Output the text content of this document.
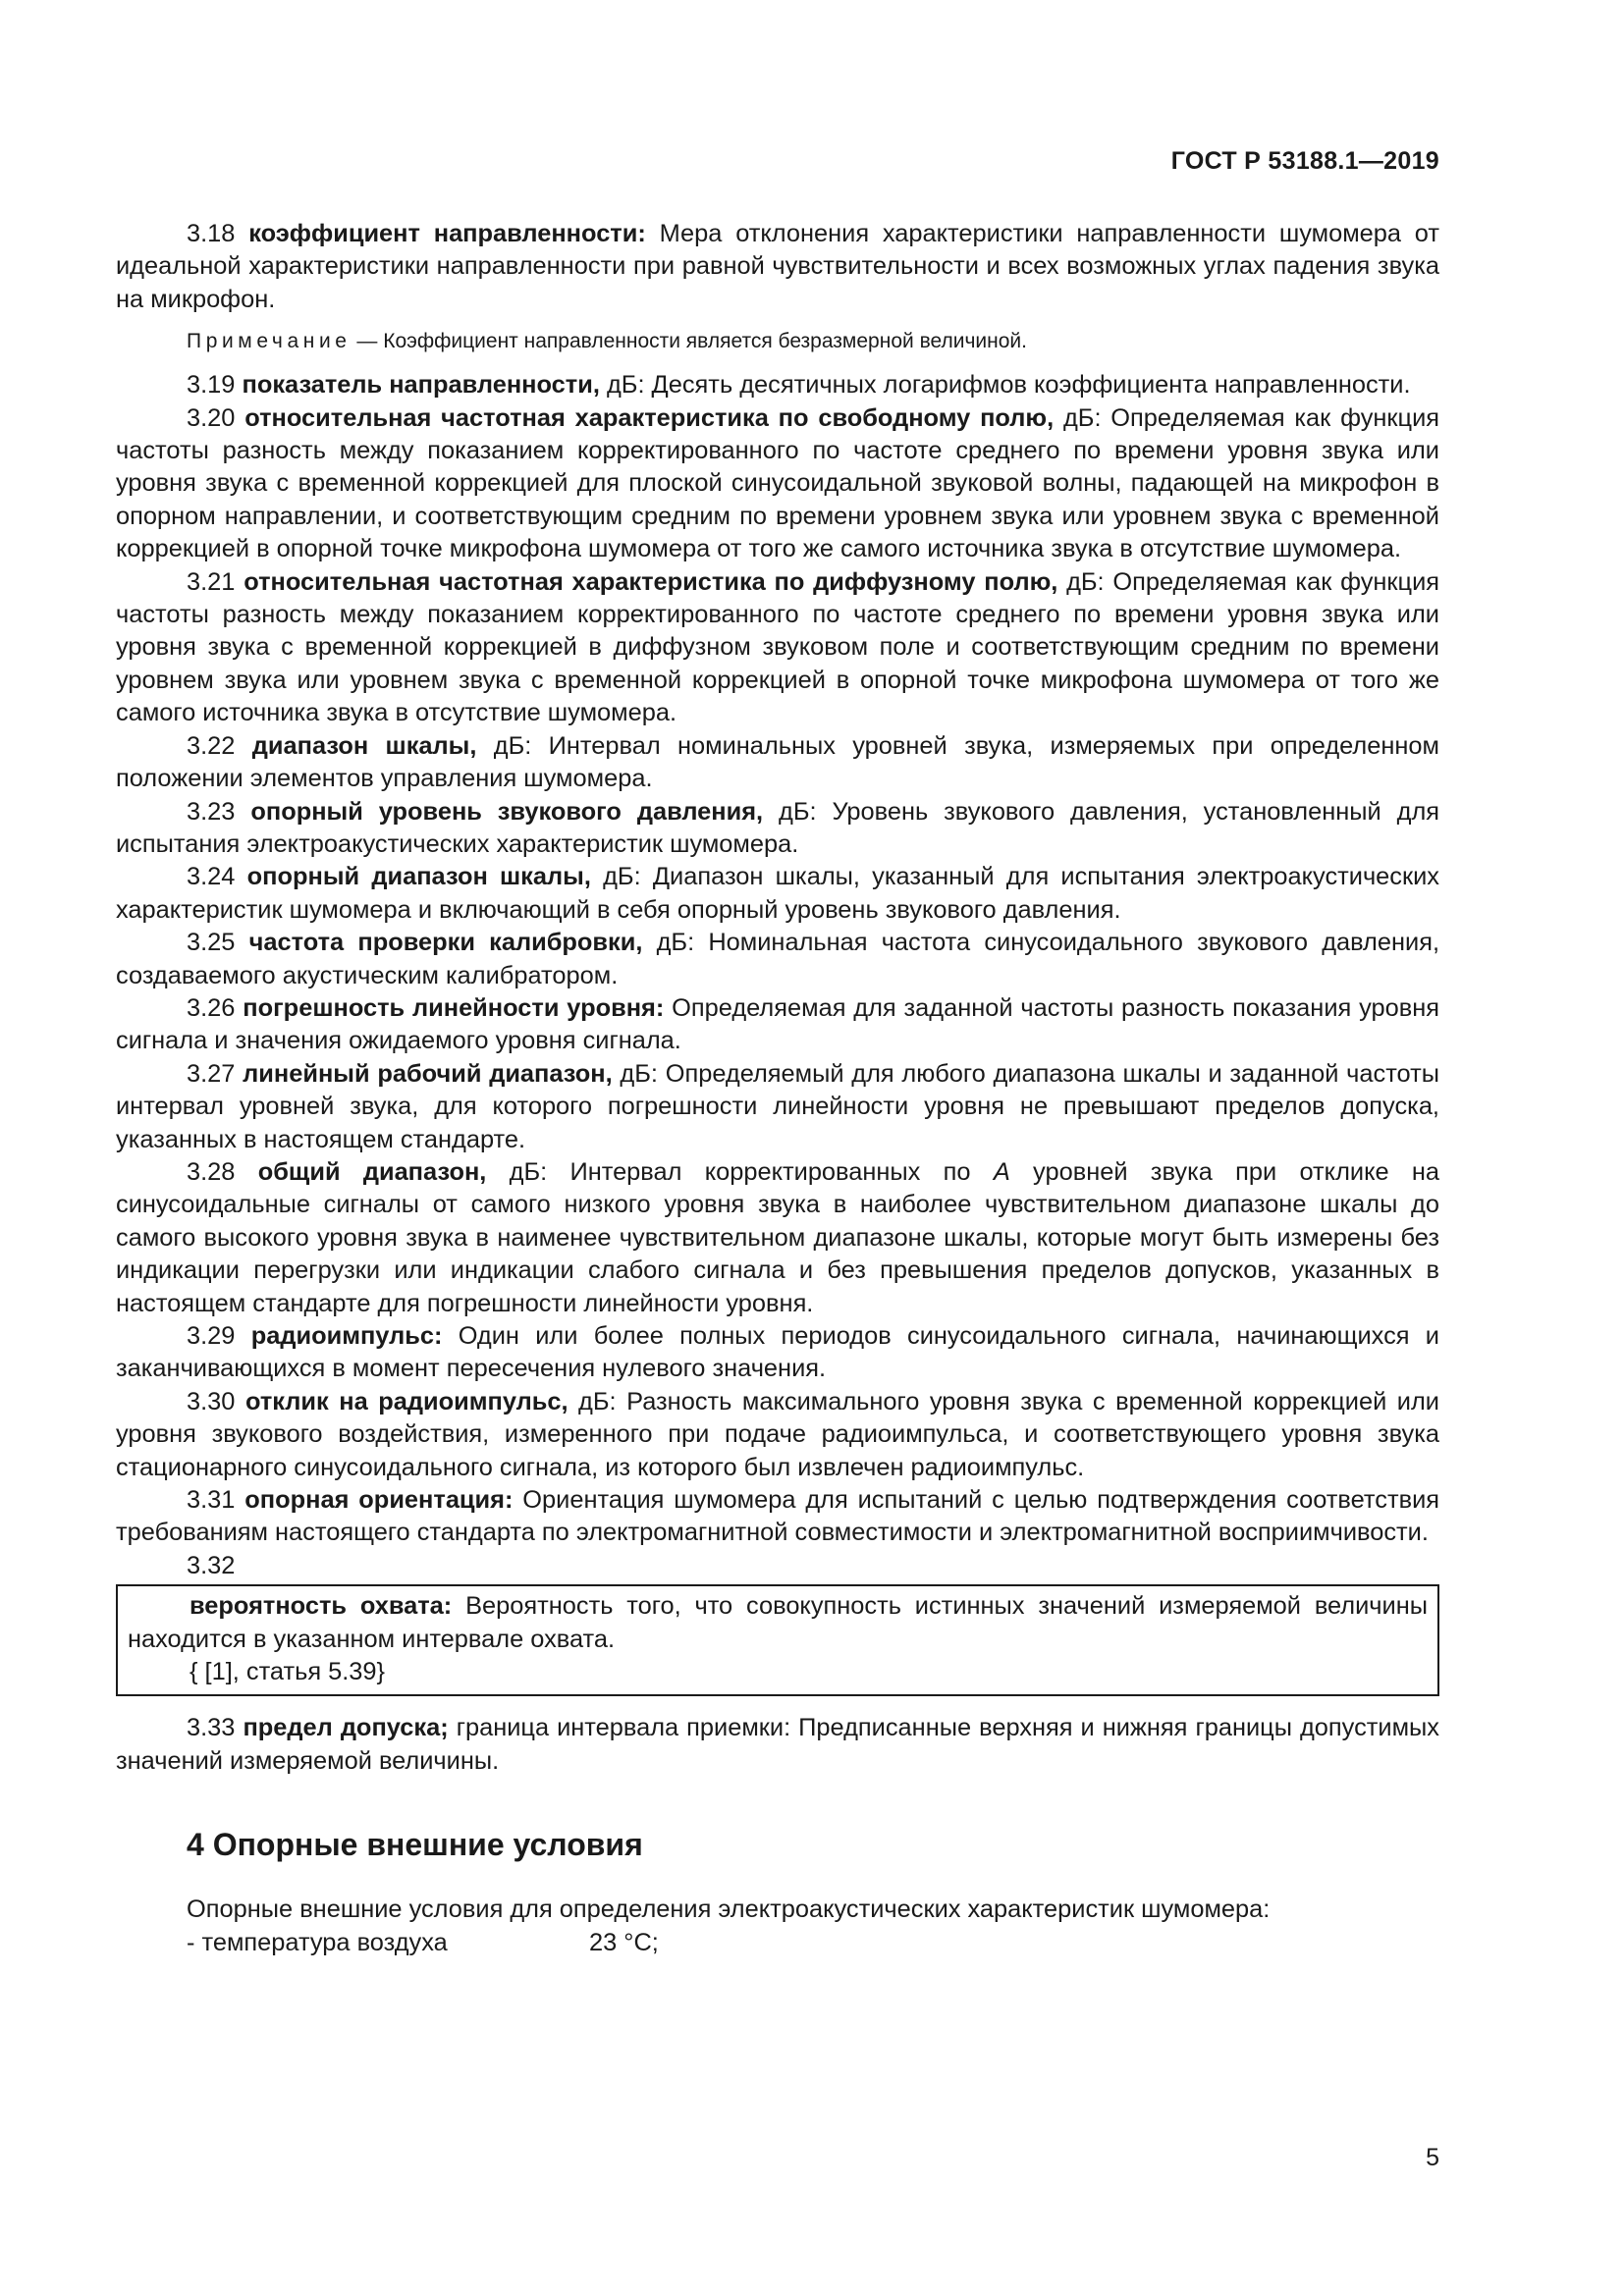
ГОСТ Р 53188.1—2019

3.18 коэффициент направленности: Мера отклонения характеристики направленности шумомера от идеальной характеристики направленности при равной чувствительности и всех возможных углах падения звука на микрофон.

Примечание — Коэффициент направленности является безразмерной величиной.

3.19 показатель направленности, дБ: Десять десятичных логарифмов коэффициента направленности.

3.20 относительная частотная характеристика по свободному полю, дБ: Определяемая как функция частоты разность между показанием корректированного по частоте среднего по времени уровня звука или уровня звука с временной коррекцией для плоской синусоидальной звуковой волны, падающей на микрофон в опорном направлении, и соответствующим средним по времени уровнем звука или уровнем звука с временной коррекцией в опорной точке микрофона шумомера от того же самого источника звука в отсутствие шумомера.

3.21 относительная частотная характеристика по диффузному полю, дБ: Определяемая как функция частоты разность между показанием корректированного по частоте среднего по времени уровня звука или уровня звука с временной коррекцией в диффузном звуковом поле и соответствующим средним по времени уровнем звука или уровнем звука с временной коррекцией в опорной точке микрофона шумомера от того же самого источника звука в отсутствие шумомера.

3.22 диапазон шкалы, дБ: Интервал номинальных уровней звука, измеряемых при определенном положении элементов управления шумомера.

3.23 опорный уровень звукового давления, дБ: Уровень звукового давления, установленный для испытания электроакустических характеристик шумомера.

3.24 опорный диапазон шкалы, дБ: Диапазон шкалы, указанный для испытания электроакустических характеристик шумомера и включающий в себя опорный уровень звукового давления.

3.25 частота проверки калибровки, дБ: Номинальная частота синусоидального звукового давления, создаваемого акустическим калибратором.

3.26 погрешность линейности уровня: Определяемая для заданной частоты разность показания уровня сигнала и значения ожидаемого уровня сигнала.

3.27 линейный рабочий диапазон, дБ: Определяемый для любого диапазона шкалы и заданной частоты интервал уровней звука, для которого погрешности линейности уровня не превышают пределов допуска, указанных в настоящем стандарте.

3.28 общий диапазон, дБ: Интервал корректированных по А уровней звука при отклике на синусоидальные сигналы от самого низкого уровня звука в наиболее чувствительном диапазоне шкалы до самого высокого уровня звука в наименее чувствительном диапазоне шкалы, которые могут быть измерены без индикации перегрузки или индикации слабого сигнала и без превышения пределов допусков, указанных в настоящем стандарте для погрешности линейности уровня.

3.29 радиоимпульс: Один или более полных периодов синусоидального сигнала, начинающихся и заканчивающихся в момент пересечения нулевого значения.

3.30 отклик на радиоимпульс, дБ: Разность максимального уровня звука с временной коррекцией или уровня звукового воздействия, измеренного при подаче радиоимпульса, и соответствующего уровня звука стационарного синусоидального сигнала, из которого был извлечен радиоимпульс.

3.31 опорная ориентация: Ориентация шумомера для испытаний с целью подтверждения соответствия требованиям настоящего стандарта по электромагнитной совместимости и электромагнитной восприимчивости.

3.32

вероятность охвата: Вероятность того, что совокупность истинных значений измеряемой величины находится в указанном интервале охвата.

{ [1], статья 5.39}

3.33 предел допуска; граница интервала приемки: Предписанные верхняя и нижняя границы допустимых значений измеряемой величины.

4 Опорные внешние условия

Опорные внешние условия для определения электроакустических характеристик шумомера:

- температура воздуха	23 °С;

5
